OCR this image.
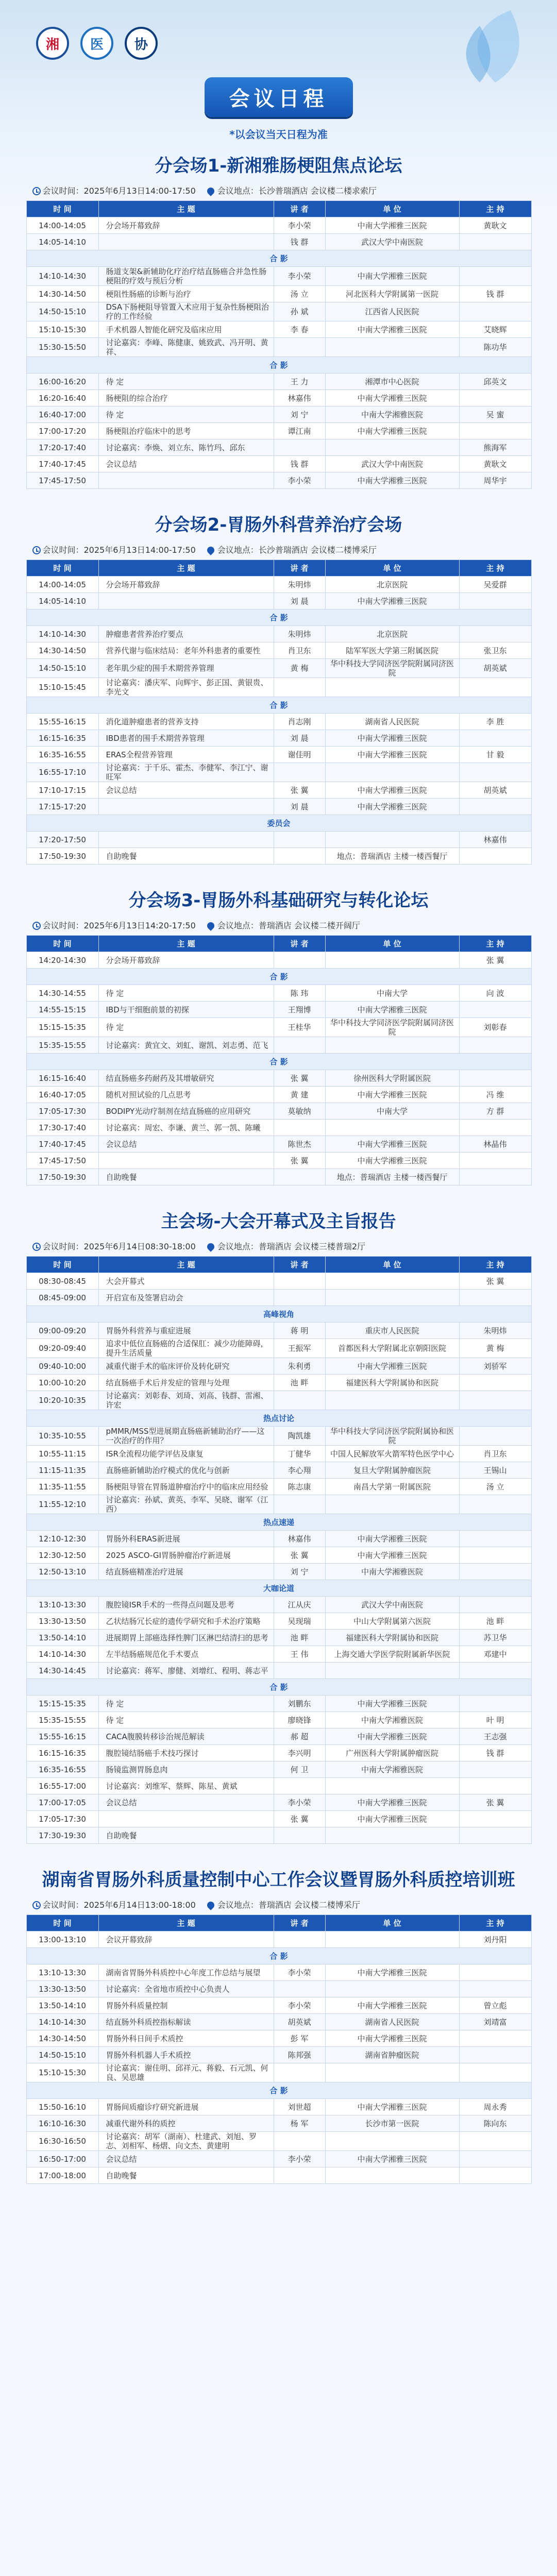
湘	医	协
会议日程
*以会议当天日程为准
分会场1-新湘雅肠梗阻焦点论坛
会议时间：2025年6月13日14:00-17:50	会议地点：长沙普瑞酒店 会议楼二楼求索厅
时 间	主 题	讲 者	单 位	主 持
14:00-14:05	分会场开幕致辞	李小荣	中南大学湘雅三医院	黄耿文
14:05-14:10		钱 群	武汉大学中南医院	
合 影				
14:10-14:30	肠道支架&新辅助化疗治疗结直肠癌合并急性肠梗阻的疗效与预后分析	李小荣	中南大学湘雅三医院	
14:30-14:50	梗阻性肠癌的诊断与治疗	汤 立	河北医科大学附属第一医院	钱 群
14:50-15:10	DSA下肠梗阻导管置入术应用于复杂性肠梗阻治疗的工作经验	孙 斌	江西省人民医院	
15:10-15:30	手术机器人智能化研究及临床应用	李 春	中南大学湘雅三医院	艾晓辉
15:30-15:50	讨论嘉宾：李峰、陈健康、姚致武、冯开明、黄祥、			陈功华
合 影				
16:00-16:20	待 定	王 力	湘潭市中心医院	邱英文
16:20-16:40	肠梗阻的综合治疗	林嘉伟	中南大学湘雅三医院	
16:40-17:00	待 定	刘 宁	中南大学湘雅医院	吴 蜜
17:00-17:20	肠梗阻治疗临床中的思考	谭江南	中南大学湘雅三医院	
17:20-17:40	讨论嘉宾：李焕、刘立东、陈竹玛、邱东			熊海军
17:40-17:45	会议总结	钱 群	武汉大学中南医院	黄耿文
17:45-17:50		李小荣	中南大学湘雅三医院	周华宇
分会场2-胃肠外科营养治疗会场
会议时间：2025年6月13日14:00-17:50	会议地点：长沙普瑞酒店 会议楼二楼博采厅
时 间	主 题	讲 者	单 位	主 持
14:00-14:05	分会场开幕致辞	朱明炜	北京医院	吴爱群
14:05-14:10		刘 晨	中南大学湘雅三医院	
合 影				
14:10-14:30	肿瘤患者营养治疗要点	朱明炜	北京医院	
14:30-14:50	营养代谢与临床结局：老年外科患者的重要性	肖卫东	陆军军医大学第三附属医院	张卫东
14:50-15:10	老年肌少症的围手术期营养管理	黄 梅	华中科技大学同济医学院附属同济医院	胡英斌
15:10-15:45	讨论嘉宾：潘庆军、向辉宇、彭正国、黄银贵、李光文			
合 影				
15:55-16:15	消化道肿瘤患者的营养支持	肖志刚	湖南省人民医院	李 胜
16:15-16:35	IBD患者的围手术期营养管理	刘 晨	中南大学湘雅三医院	
16:35-16:55	ERAS全程营养管理	谢佳明	中南大学湘雅三医院	甘 毅
16:55-17:10	讨论嘉宾：于千乐、霍杰、李健军、李江宁、谢旺军			
17:10-17:15	会议总结	张 翼	中南大学湘雅三医院	胡英斌
17:15-17:20		刘 晨	中南大学湘雅三医院	
委员会				
17:20-17:50				林嘉伟
17:50-19:30	自助晚餐		地点：普瑞酒店 主楼一楼西餐厅	
分会场3-胃肠外科基础研究与转化论坛
会议时间：2025年6月13日14:20-17:50	会议地点：普瑞酒店 会议楼二楼开阔厅
时 间	主 题	讲 者	单 位	主 持
14:20-14:30	分会场开幕致辞			张 翼
合 影				
14:30-14:55	待 定	陈 玮	中南大学	向 波
14:55-15:15	IBD与干细胞前景的初探	王翔博	中南大学湘雅三医院	
15:15-15:35	待 定	王桂华	华中科技大学同济医学院附属同济医院	刘彰春
15:35-15:55	讨论嘉宾：黄宜文、刘虹、谢凯、刘志勇、范飞			
合 影				
16:15-16:40	结直肠癌多药耐药及其增敏研究	张 翼	徐州医科大学附属医院	
16:40-17:05	随机对照试验的几点思考	黄 建	中南大学湘雅三医院	冯 维
17:05-17:30	BODIPY光动疗制剂在结直肠癌的应用研究	莫敏纳	中南大学	方 群
17:30-17:40	讨论嘉宾：周宏、李谦、黄兰、郭一凯、陈曦			
17:40-17:45	会议总结	陈世杰	中南大学湘雅三医院	林晶伟
17:45-17:50		张 翼	中南大学湘雅三医院	
17:50-19:30	自助晚餐		地点：普瑞酒店 主楼一楼西餐厅	
主会场-大会开幕式及主旨报告
会议时间：2025年6月14日08:30-18:00	会议地点：普瑞酒店 会议楼三楼普瑞2厅
时 间	主 题	讲 者	单 位	主 持
08:30-08:45	大会开幕式			张 翼
08:45-09:00	开启宣布及签署启动会			
高峰视角				
09:00-09:20	胃肠外科营养与重症进展	蒋 明	重庆市人民医院	朱明炜
09:20-09:40	追求中低位直肠癌的合适保肛：减少功能障碍，提升生活质量	王振军	首都医科大学附属北京朝阳医院	黄 梅
09:40-10:00	减重代谢手术的临床评价及转化研究	朱利勇	中南大学湘雅三医院	刘骄军
10:00-10:20	结直肠癌手术后并发症的管理与处理	池 畔	福建医科大学附属协和医院	
10:20-10:35	讨论嘉宾：刘彰春、刘琦、刘高、钱群、雷湘、许宏			
热点讨论				
10:35-10:55	pMMR/MSS型进展期直肠癌新辅助治疗——这一次治疗的作用？	陶凯雄	华中科技大学同济医学院附属协和医院	
10:55-11:15	ISR全流程功能学评估及康复	丁健华	中国人民解放军火箭军特色医学中心	肖卫东
11:15-11:35	直肠癌新辅助治疗模式的优化与创新	李心翔	复旦大学附属肿瘤医院	王锡山
11:35-11:55	肠梗阻导管在胃肠道肿瘤治疗中的临床应用经验	陈志康	南昌大学第一附属医院	汤 立
11:55-12:10	讨论嘉宾：孙斌、黄英、李军、吴晓、谢军（江西）			
热点速递				
12:10-12:30	胃肠外科ERAS新进展	林嘉伟	中南大学湘雅三医院	
12:30-12:50	2025 ASCO-GI胃肠肿瘤治疗新进展	张 翼	中南大学湘雅三医院	
12:50-13:10	结直肠癌精准治疗进展	刘 宁	中南大学湘雅医院	
大咖论道				
13:10-13:30	腹腔镜ISR手术的一些得点问题及思考	江从庆	武汉大学中南医院	
13:30-13:50	乙状结肠冗长症的遗传学研究和手术治疗策略	吴现瑞	中山大学附属第六医院	池 畔
13:50-14:10	进展期胃上部癌选择性脾门区淋巴结清扫的思考	池 畔	福建医科大学附属协和医院	苏卫华
14:10-14:30	左半结肠癌规范化手术要点	王 伟	上海交通大学医学院附属新华医院	邓建中
14:30-14:45	讨论嘉宾：蒋军、廖健、刘增红、程明、蒋志平			
合 影				
15:15-15:35	待 定	刘鹏东	中南大学湘雅三医院	
15:35-15:55	待 定	廖晓锋	中南大学湘雅医院	叶 明
15:55-16:15	CACA腹膜转移诊治规范解读	郝 超	中南大学湘雅三医院	王志强
16:15-16:35	腹腔镜结肠癌手术技巧探讨	李兴明	广州医科大学附属肿瘤医院	钱 群
16:35-16:55	肠镜监测胃肠息肉	何 卫	中南大学湘雅医院	
16:55-17:00	讨论嘉宾：刘维军、蔡辉、陈星、黄斌			
17:00-17:05	会议总结	李小荣	中南大学湘雅三医院	张 翼
17:05-17:30		张 翼	中南大学湘雅三医院	
17:30-19:30	自助晚餐			
湖南省胃肠外科质量控制中心工作会议暨胃肠外科质控培训班
会议时间：2025年6月14日13:00-18:00	会议地点：普瑞酒店 会议楼二楼博采厅
时 间	主 题	讲 者	单 位	主 持
13:00-13:10	会议开幕致辞			刘丹阳
合 影				
13:10-13:30	湖南省胃肠外科质控中心年度工作总结与展望	李小荣	中南大学湘雅三医院	
13:30-13:50	讨论嘉宾：全省地市质控中心负责人			
13:50-14:10	胃肠外科质量控制	李小荣	中南大学湘雅三医院	曾立彪
14:10-14:30	结直肠外科质控指标解读	胡英斌	湖南省人民医院	刘靖富
14:30-14:50	胃肠外科日间手术质控	彭 军	中南大学湘雅三医院	
14:50-15:10	胃肠外科机器人手术质控	陈邦强	湖南省肿瘤医院	
15:10-15:30	讨论嘉宾：谢佳明、邱祥元、蒋毅、石元凯、何良、吴思雄			
合 影				
15:50-16:10	胃肠间质瘤诊疗研究新进展	刘世超	中南大学湘雅三医院	周永秀
16:10-16:30	减重代谢外科的质控	杨 军	长沙市第一医院	陈向东
16:30-16:50	讨论嘉宾：胡军（湖南）、杜建武、刘旭、罗志、刘相军、杨熠、向文杰、黄建明			
16:50-17:00	会议总结	李小荣	中南大学湘雅三医院	
17:00-18:00	自助晚餐			
